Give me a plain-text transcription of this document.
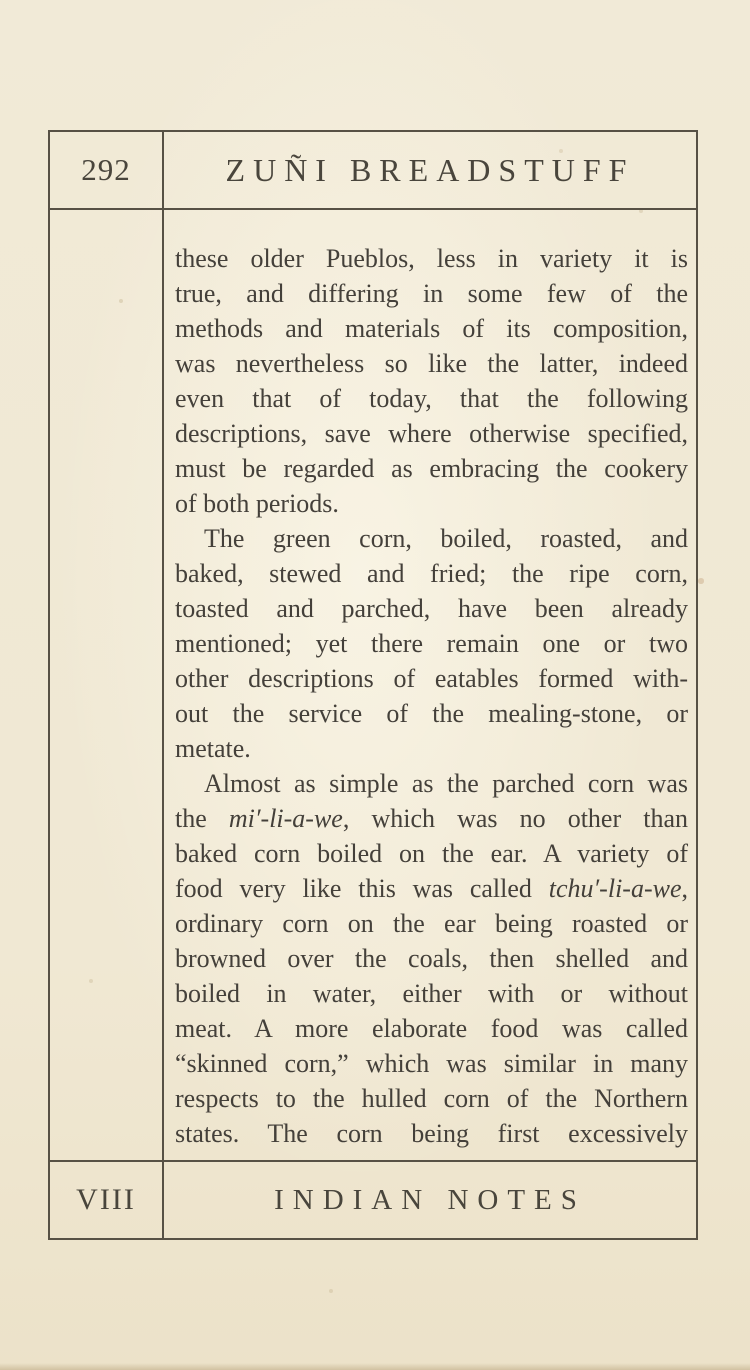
292	ZUÑI BREADSTUFF
these older Pueblos, less in variety it is
true, and differing in some few of the
methods and materials of its composition,
was nevertheless so like the latter, indeed
even that of today, that the following
descriptions, save where otherwise specified,
must be regarded as embracing the cookery
of both periods.
The green corn, boiled, roasted, and
baked, stewed and fried; the ripe corn,
toasted and parched, have been already
mentioned; yet there remain one or two
other descriptions of eatables formed with-
out the service of the mealing-stone, or
metate.
Almost as simple as the parched corn was
the mi′-li-a-we, which was no other than
baked corn boiled on the ear. A variety of
food very like this was called tchu′-li-a-we,
ordinary corn on the ear being roasted or
browned over the coals, then shelled and
boiled in water, either with or without
meat. A more elaborate food was called
“skinned corn,” which was similar in many
respects to the hulled corn of the Northern
states. The corn being first excessively
VIII	INDIAN NOTES
